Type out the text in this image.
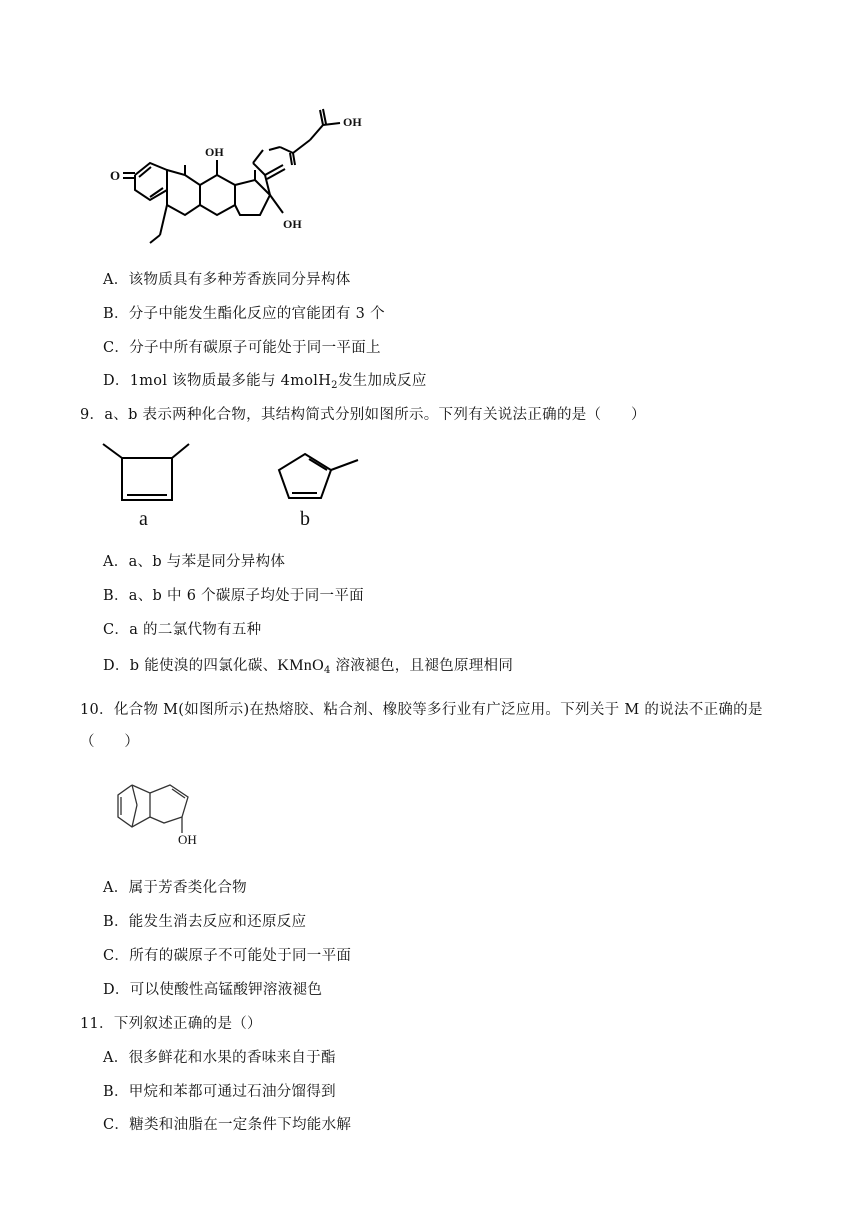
OH
OH
OH
O
A．该物质具有多种芳香族同分异构体
B．分子中能发生酯化反应的官能团有 3 个
C．分子中所有碳原子可能处于同一平面上
D．1mol 该物质最多能与 4molH$_2$发生加成反应
9．a、b 表示两种化合物，其结构简式分别如图所示。下列有关说法正确的是（　　）
a	b
A．a、b 与苯是同分异构体
B．a、b 中 6 个碳原子均处于同一平面
C．a 的二氯代物有五种
D．b 能使溴的四氯化碳、KMnO$_4$ 溶液褪色，且褪色原理相同
10．化合物 M(如图所示)在热熔胶、粘合剂、橡胶等多行业有广泛应用。下列关于 M 的说法不正确的是
（　　）
OH
A．属于芳香类化合物
B．能发生消去反应和还原反应
C．所有的碳原子不可能处于同一平面
D．可以使酸性高锰酸钾溶液褪色
11．下列叙述正确的是（）
A．很多鲜花和水果的香味来自于酯
B．甲烷和苯都可通过石油分馏得到
C．糖类和油脂在一定条件下均能水解
